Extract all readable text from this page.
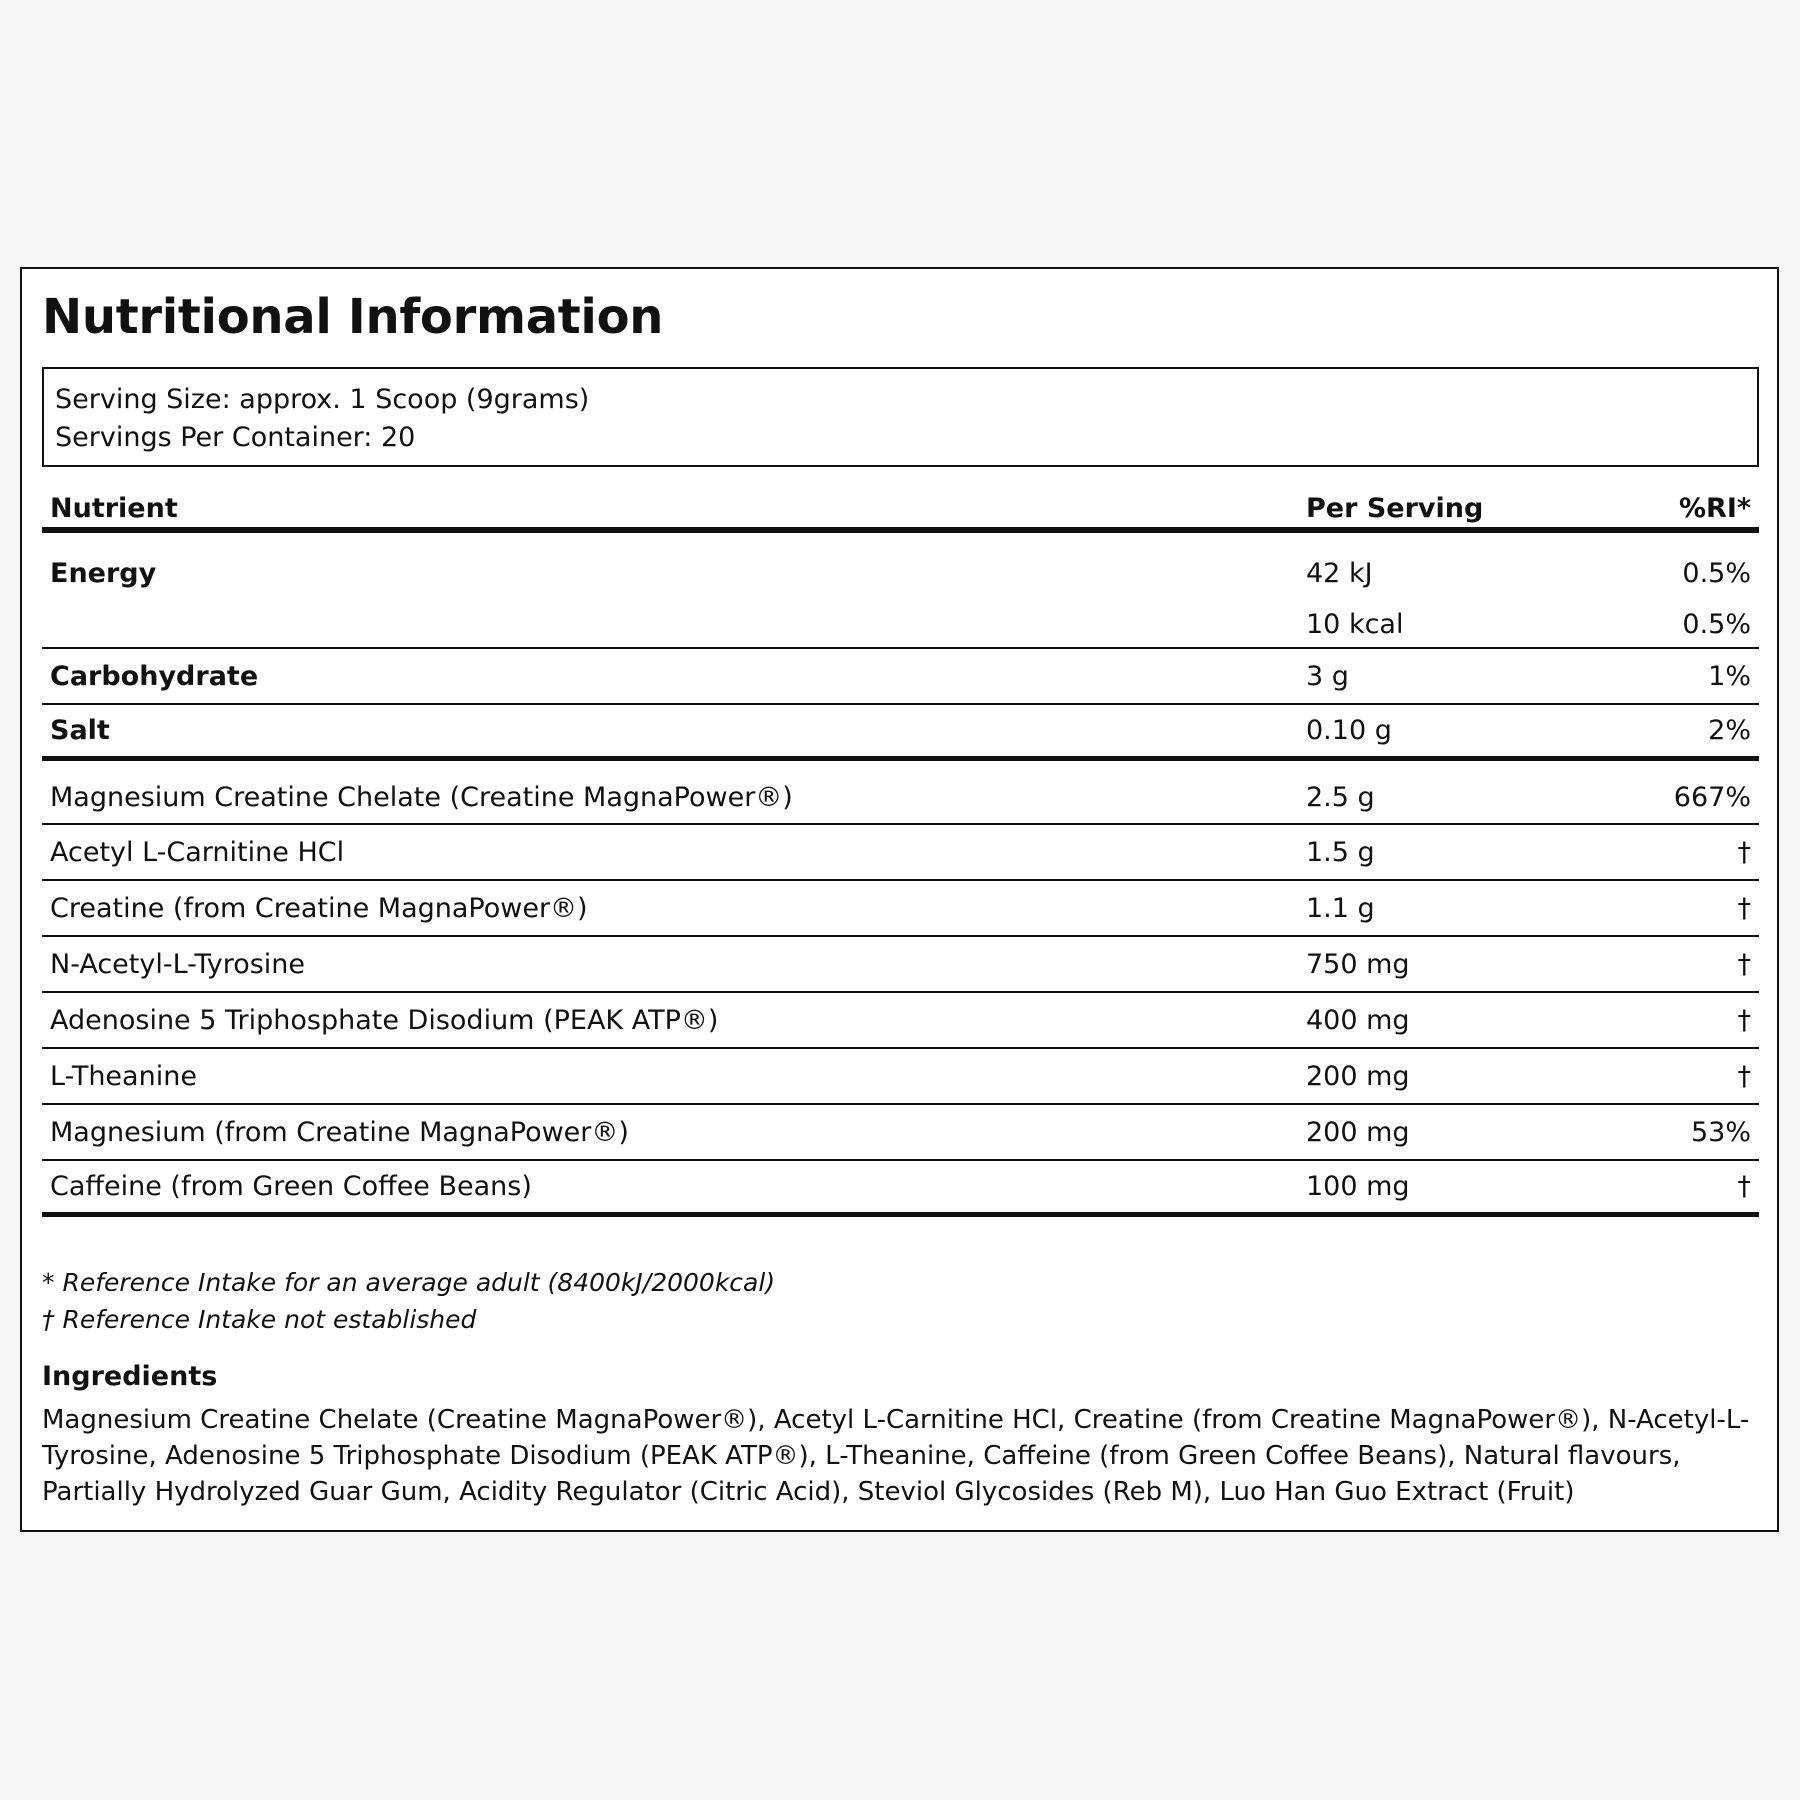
Nutritional Information
Serving Size: approx. 1 Scoop (9grams)
Servings Per Container: 20
Nutrient	Per Serving	%RI*
Energy	42 kJ	0.5%
10 kcal	0.5%
Carbohydrate	3 g	1%
Salt	0.10 g	2%
Magnesium Creatine Chelate (Creatine MagnaPower®)	2.5 g	667%
Acetyl L-Carnitine HCl	1.5 g	†
Creatine (from Creatine MagnaPower®)	1.1 g	†
N-Acetyl-L-Tyrosine	750 mg	†
Adenosine 5 Triphosphate Disodium (PEAK ATP®)	400 mg	†
L-Theanine	200 mg	†
Magnesium (from Creatine MagnaPower®)	200 mg	53%
Caffeine (from Green Coffee Beans)	100 mg	†
* Reference Intake for an average adult (8400kJ/2000kcal)
† Reference Intake not established
Ingredients
Magnesium Creatine Chelate (Creatine MagnaPower®), Acetyl L-Carnitine HCl, Creatine (from Creatine MagnaPower®), N-Acetyl-L-Tyrosine, Adenosine 5 Triphosphate Disodium (PEAK ATP®), L-Theanine, Caffeine (from Green Coffee Beans), Natural flavours, Partially Hydrolyzed Guar Gum, Acidity Regulator (Citric Acid), Steviol Glycosides (Reb M), Luo Han Guo Extract (Fruit)
